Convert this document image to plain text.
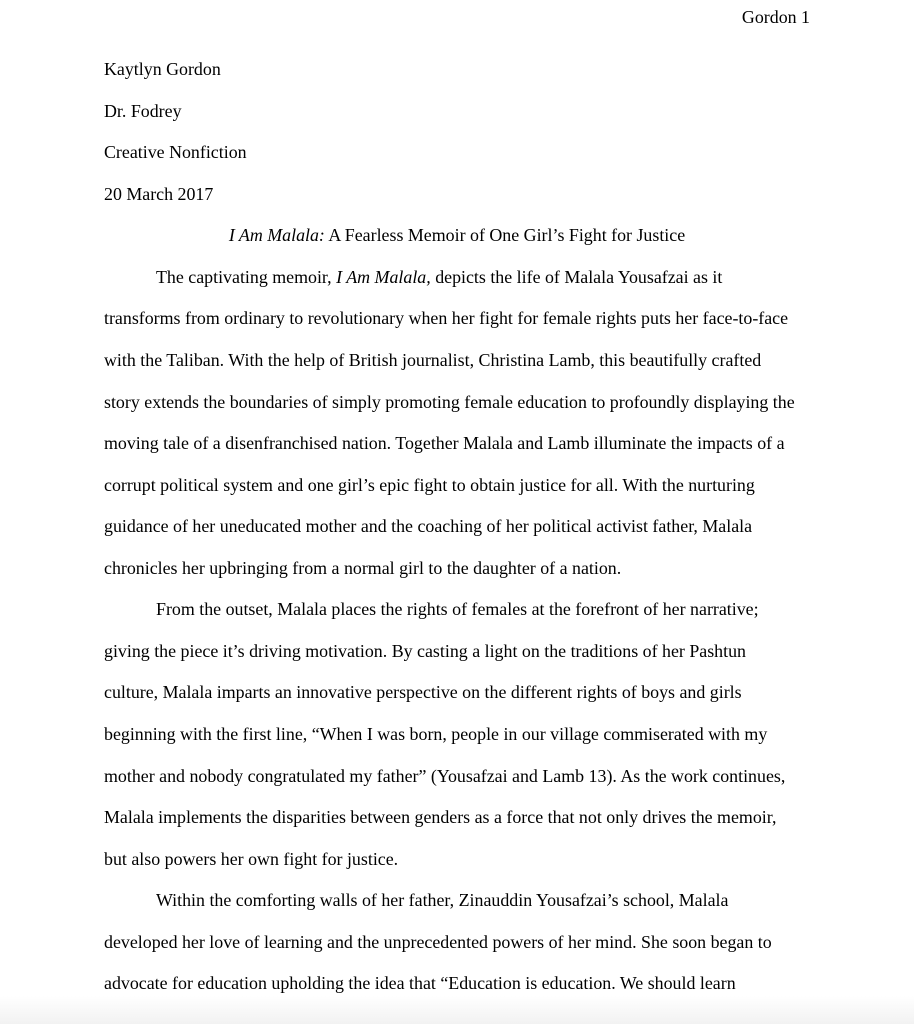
Gordon 1
Kaytlyn Gordon
Dr. Fodrey
Creative Nonfiction
20 March 2017
I Am Malala: A Fearless Memoir of One Girl’s Fight for Justice
The captivating memoir, I Am Malala, depicts the life of Malala Yousafzai as it
transforms from ordinary to revolutionary when her fight for female rights puts her face-to-face
with the Taliban. With the help of British journalist, Christina Lamb, this beautifully crafted
story extends the boundaries of simply promoting female education to profoundly displaying the
moving tale of a disenfranchised nation. Together Malala and Lamb illuminate the impacts of a
corrupt political system and one girl’s epic fight to obtain justice for all. With the nurturing
guidance of her uneducated mother and the coaching of her political activist father, Malala
chronicles her upbringing from a normal girl to the daughter of a nation.
From the outset, Malala places the rights of females at the forefront of her narrative;
giving the piece it’s driving motivation. By casting a light on the traditions of her Pashtun
culture, Malala imparts an innovative perspective on the different rights of boys and girls
beginning with the first line, “When I was born, people in our village commiserated with my
mother and nobody congratulated my father” (Yousafzai and Lamb 13). As the work continues,
Malala implements the disparities between genders as a force that not only drives the memoir,
but also powers her own fight for justice.
Within the comforting walls of her father, Zinauddin Yousafzai’s school, Malala
developed her love of learning and the unprecedented powers of her mind. She soon began to
advocate for education upholding the idea that “Education is education. We should learn
